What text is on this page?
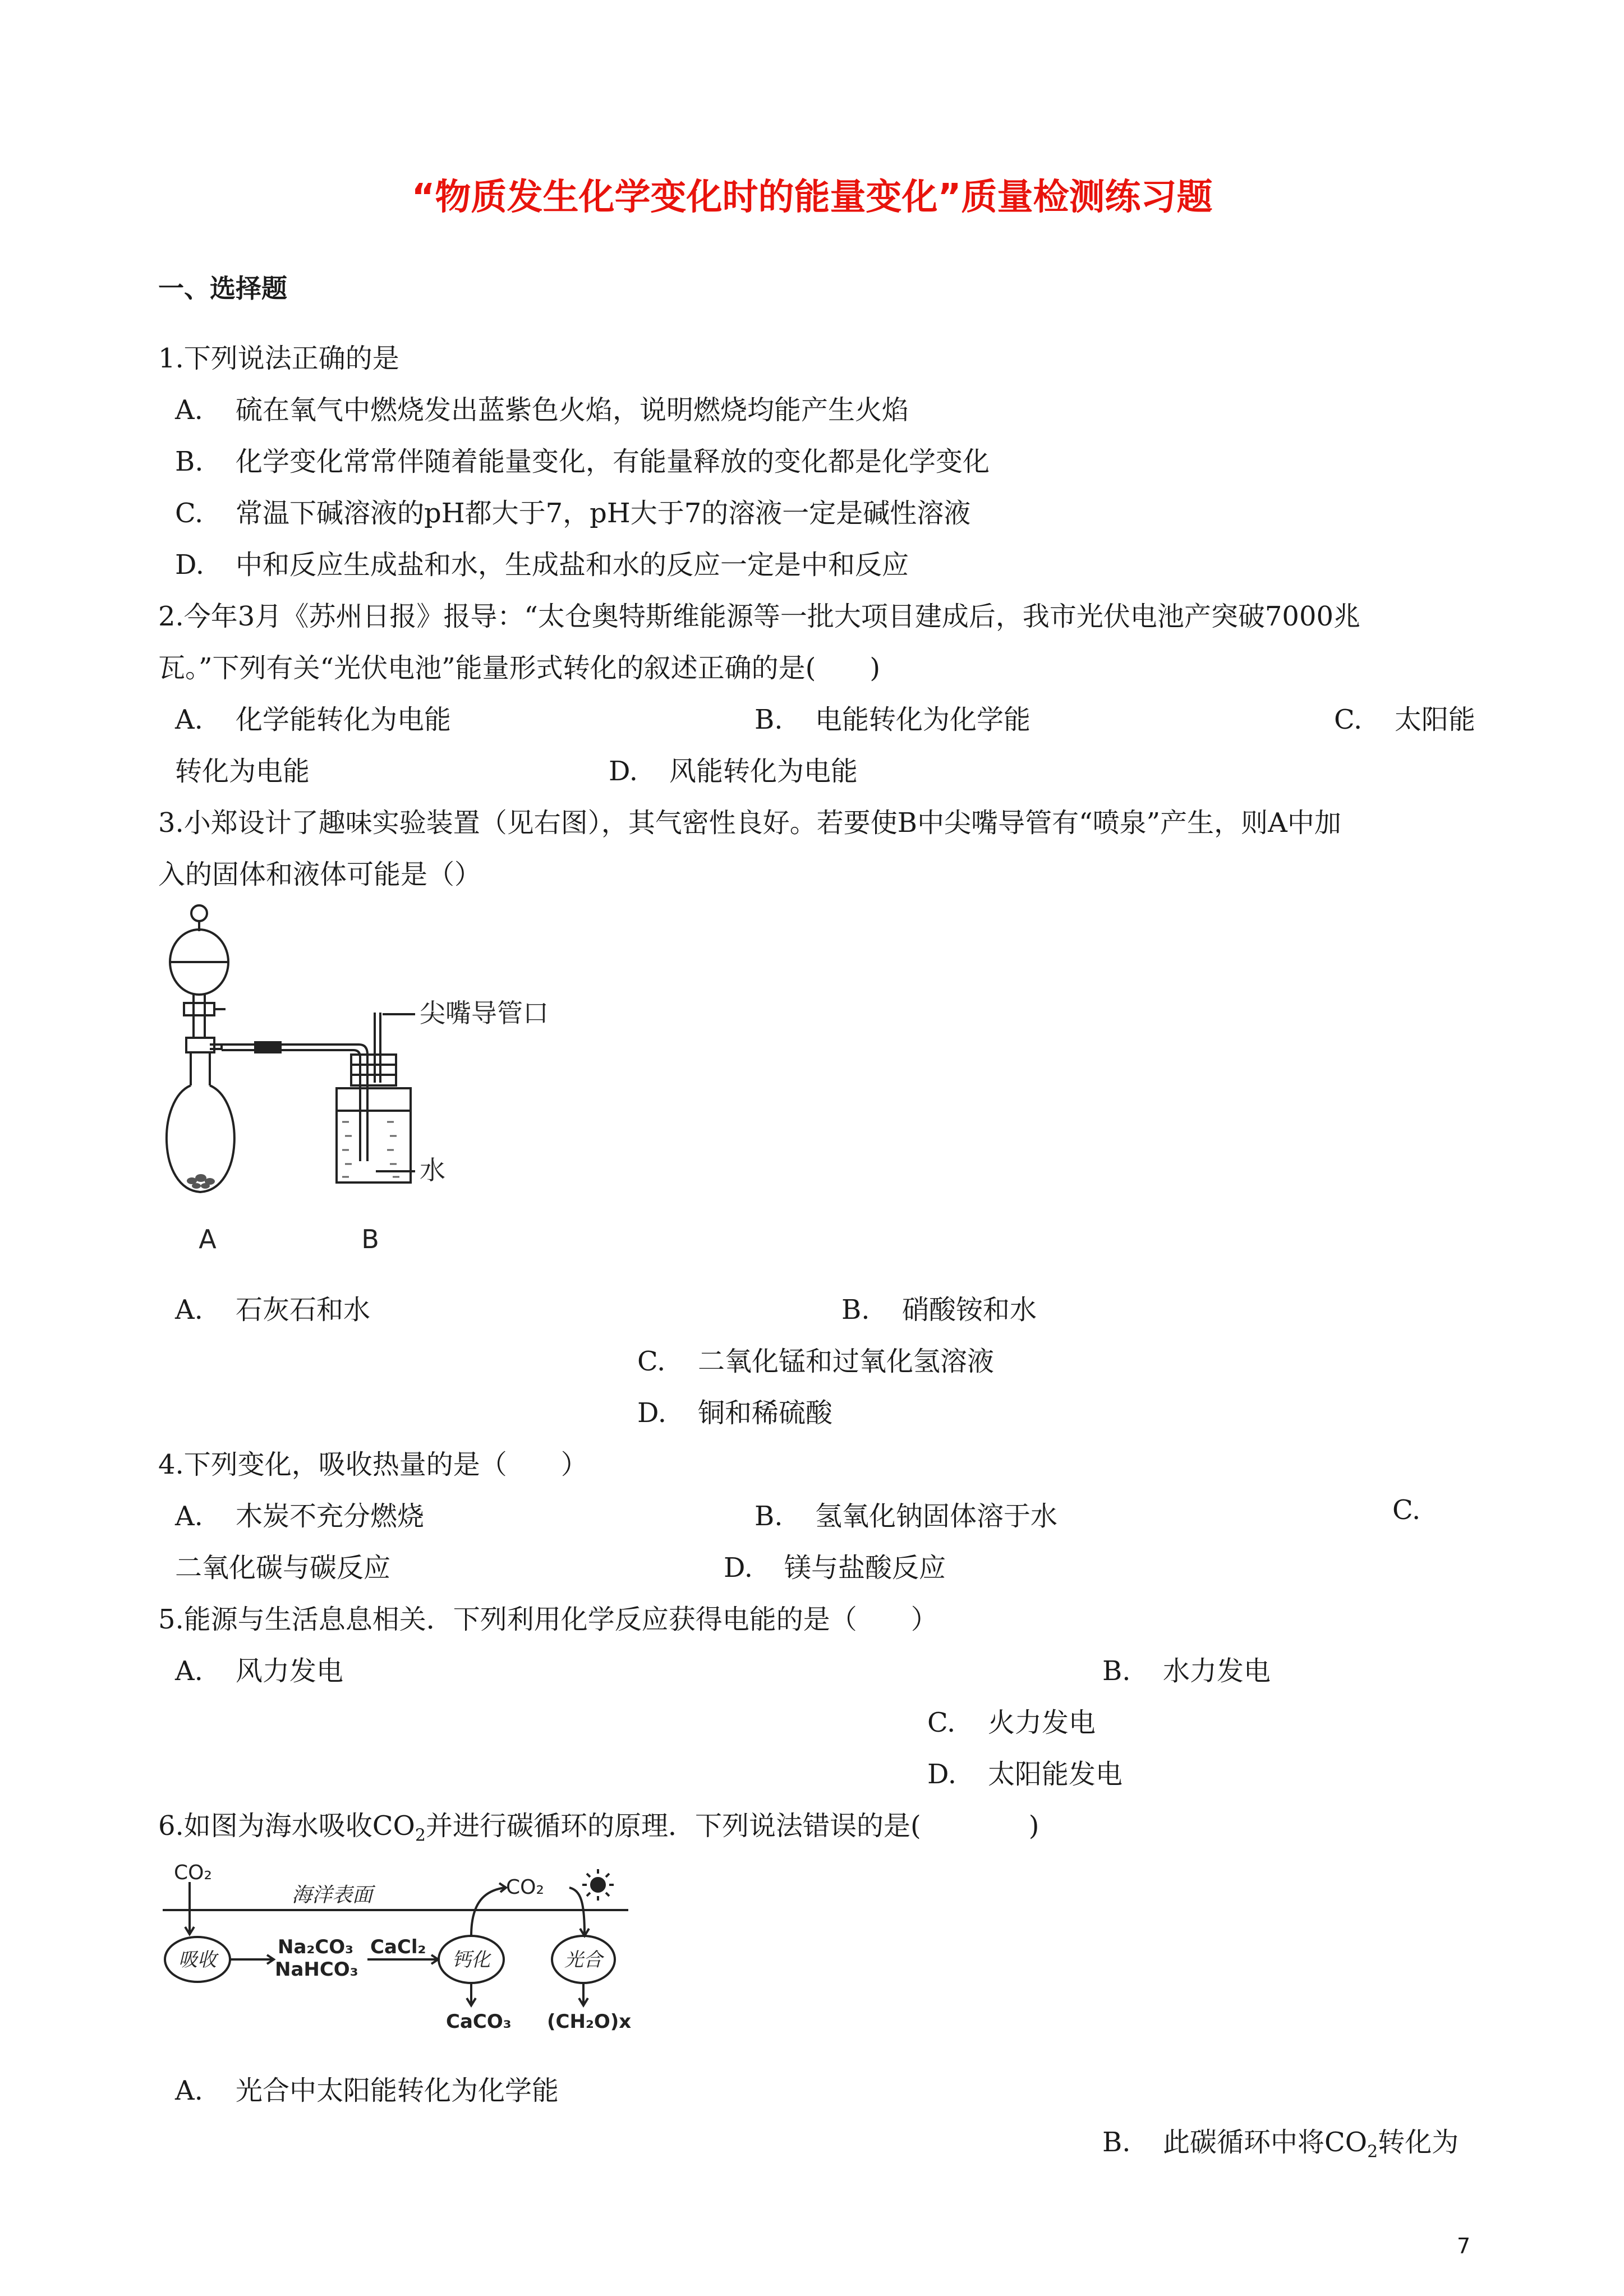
“物质发生化学变化时的能量变化”质量检测练习题
一、选择题
1.下列说法正确的是
A. 硫在氧气中燃烧发出蓝紫色火焰，说明燃烧均能产生火焰
B. 化学变化常常伴随着能量变化，有能量释放的变化都是化学变化
C. 常温下碱溶液的pH都大于7，pH大于7的溶液一定是碱性溶液
D. 中和反应生成盐和水，生成盐和水的反应一定是中和反应
2.今年3月《苏州日报》报导：“太仓奥特斯维能源等一批大项目建成后，我市光伏电池产突破7000兆
瓦。”下列有关“光伏电池”能量形式转化的叙述正确的是(　　)
A. 化学能转化为电能	B. 电能转化为化学能	C. 太阳能
转化为电能	D. 风能转化为电能
3.小郑设计了趣味实验装置（见右图），其气密性良好。若要使B中尖嘴导管有“喷泉”产生，则A中加
入的固体和液体可能是（）
尖嘴导管口
水
A	B
A. 石灰石和水	B. 硝酸铵和水
C. 二氧化锰和过氧化氢溶液
D. 铜和稀硫酸
4.下列变化，吸收热量的是（　　）
A. 木炭不充分燃烧	B. 氢氧化钠固体溶于水	C.
二氧化碳与碳反应	D. 镁与盐酸反应
5.能源与生活息息相关．下列利用化学反应获得电能的是（　　）
A. 风力发电	B. 水力发电
C. 火力发电
D. 太阳能发电
6.如图为海水吸收$CO_2$并进行碳循环的原理．下列说法错误的是(　　　　)
CO₂
海洋表面	CO₂
吸收
Na₂CO₃
NaHCO₃
CaCl₂
钙化	光合
CaCO₃ (CH₂O)x
A. 光合中太阳能转化为化学能
B. 此碳循环中将$CO_2$转化为
7
